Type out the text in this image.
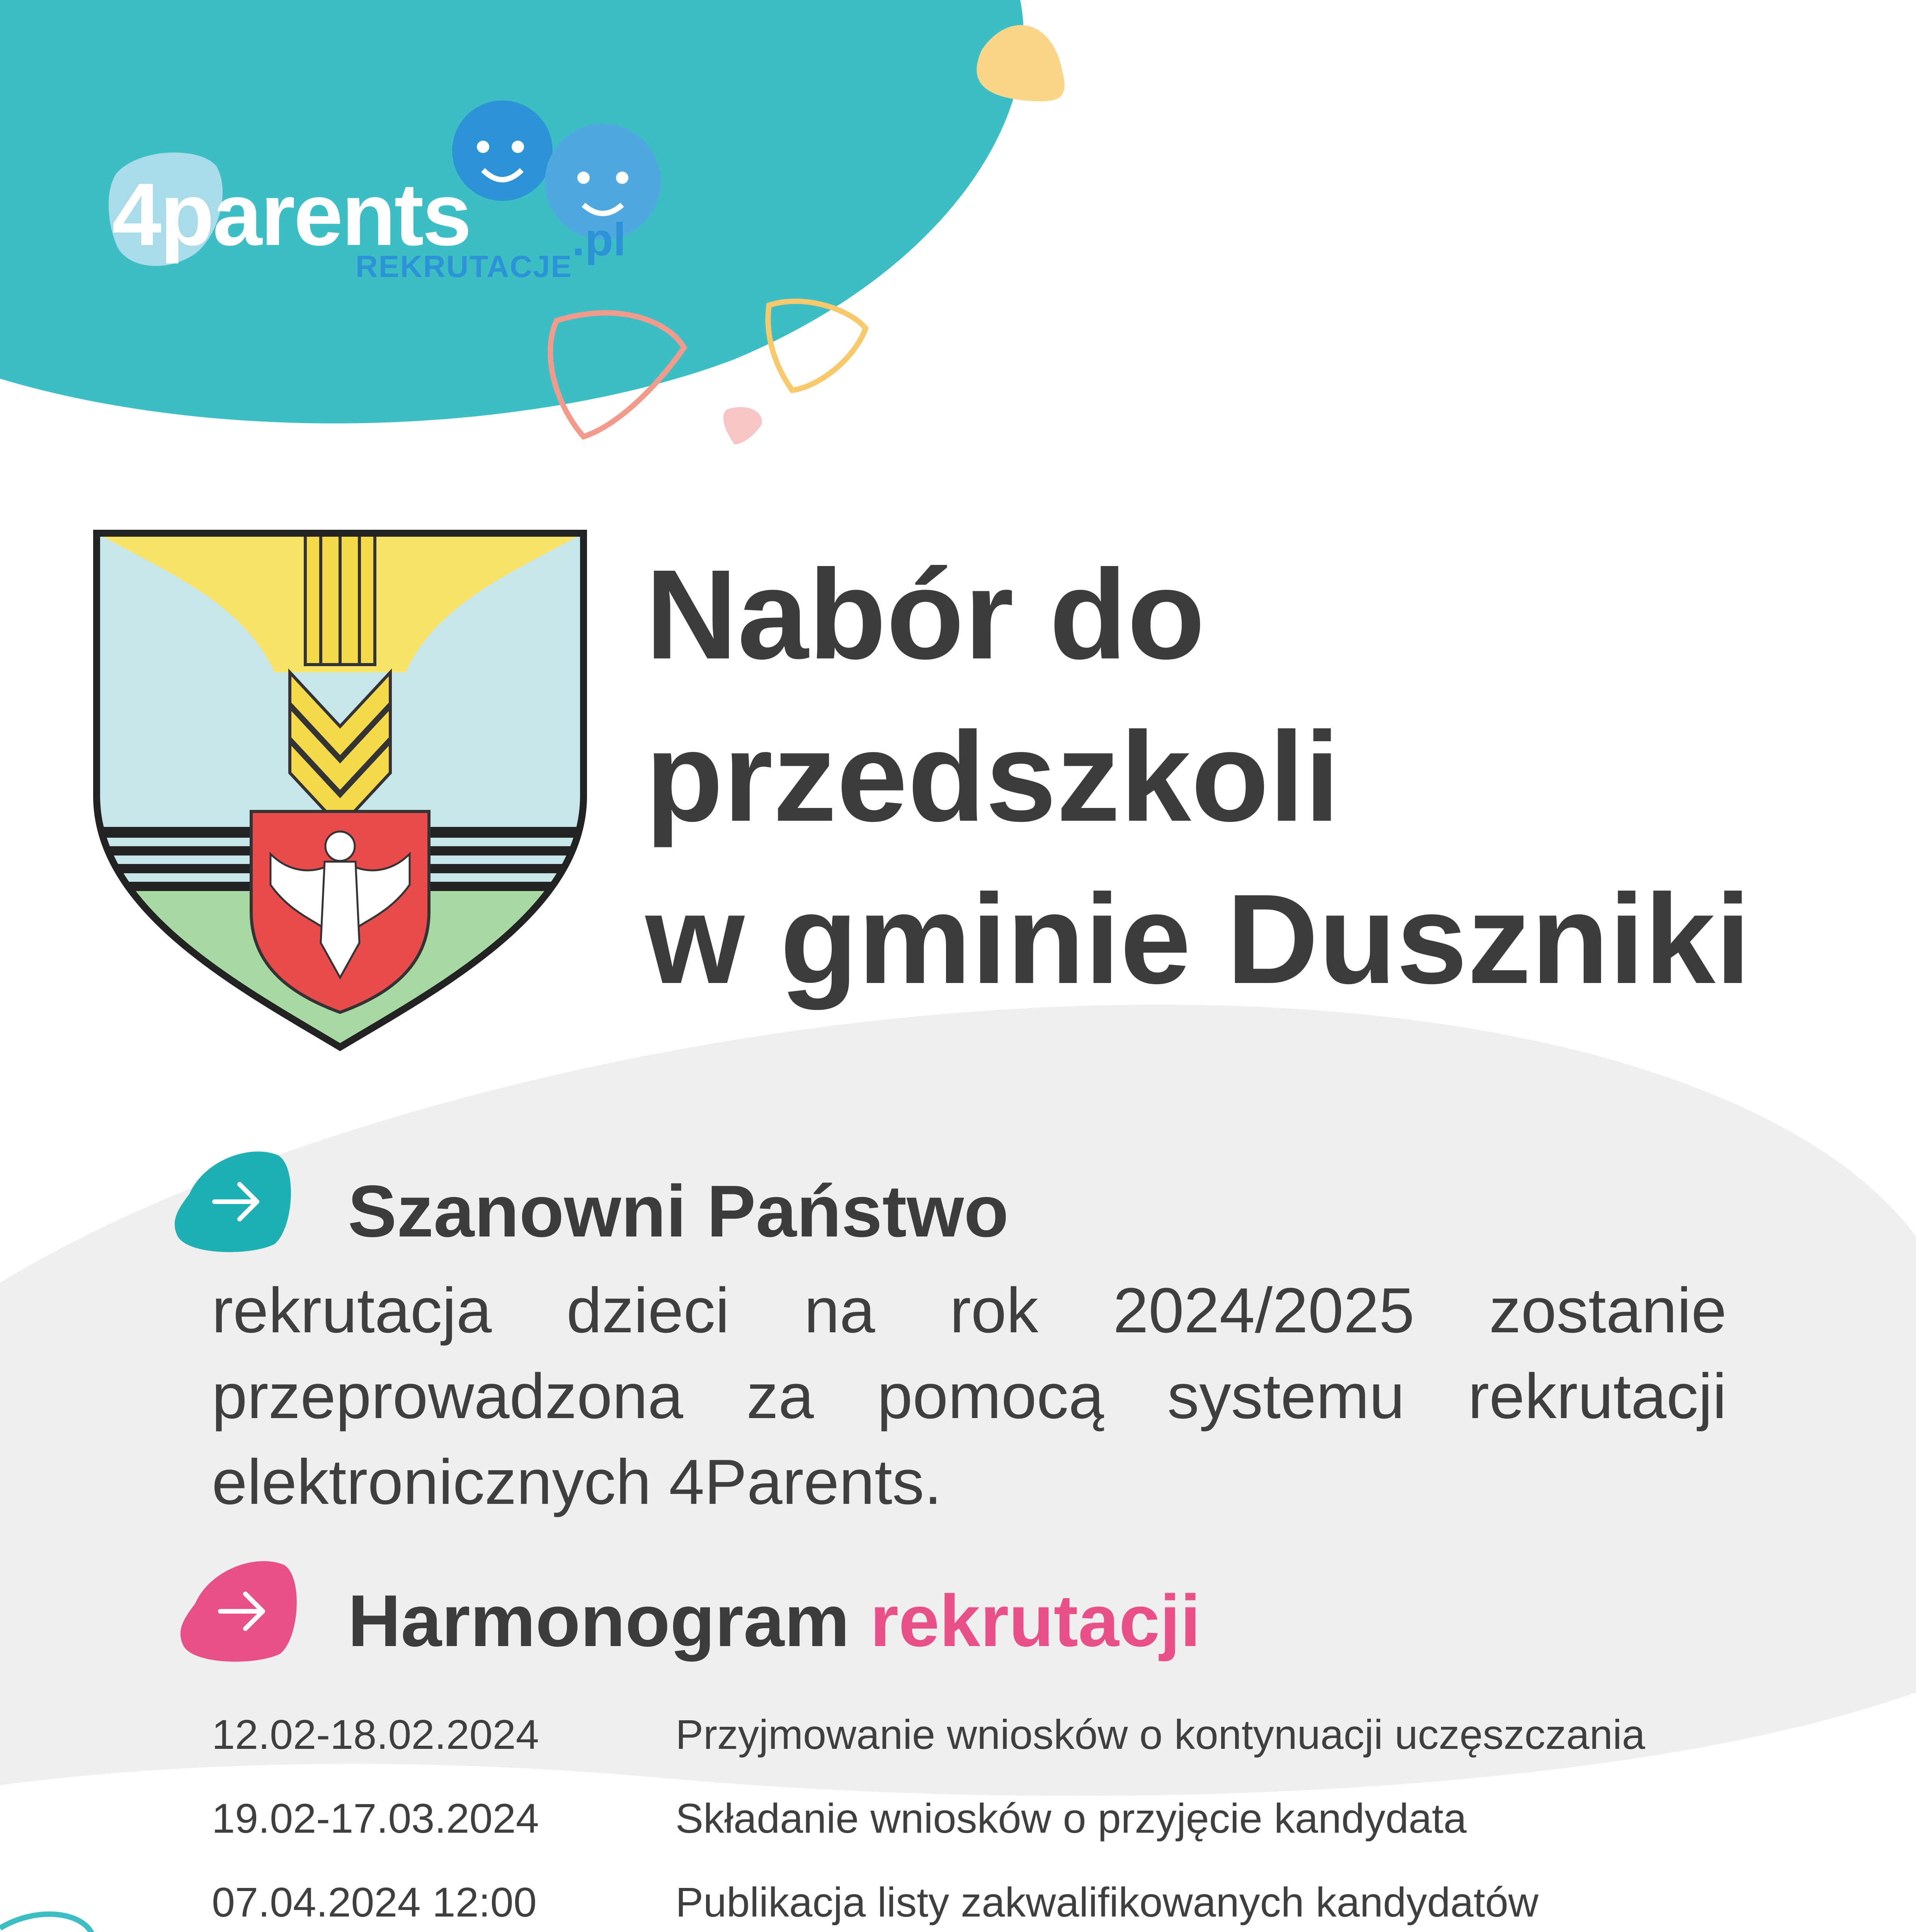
4parents .pl
REKRUTACJE
Nabór do
przedszkoli
w gminie Duszniki
Szanowni Państwo
rekrutacja dzieci na rok 2024/2025 zostanie przeprowadzona za pomocą systemu rekrutacji elektronicznych 4Parents.
Harmonogram rekrutacji
12.02-18.02.2024	Przyjmowanie wniosków o kontynuacji uczęszczania
19.02-17.03.2024	Składanie wniosków o przyjęcie kandydata
07.04.2024 12:00	Publikacja listy zakwalifikowanych kandydatów
